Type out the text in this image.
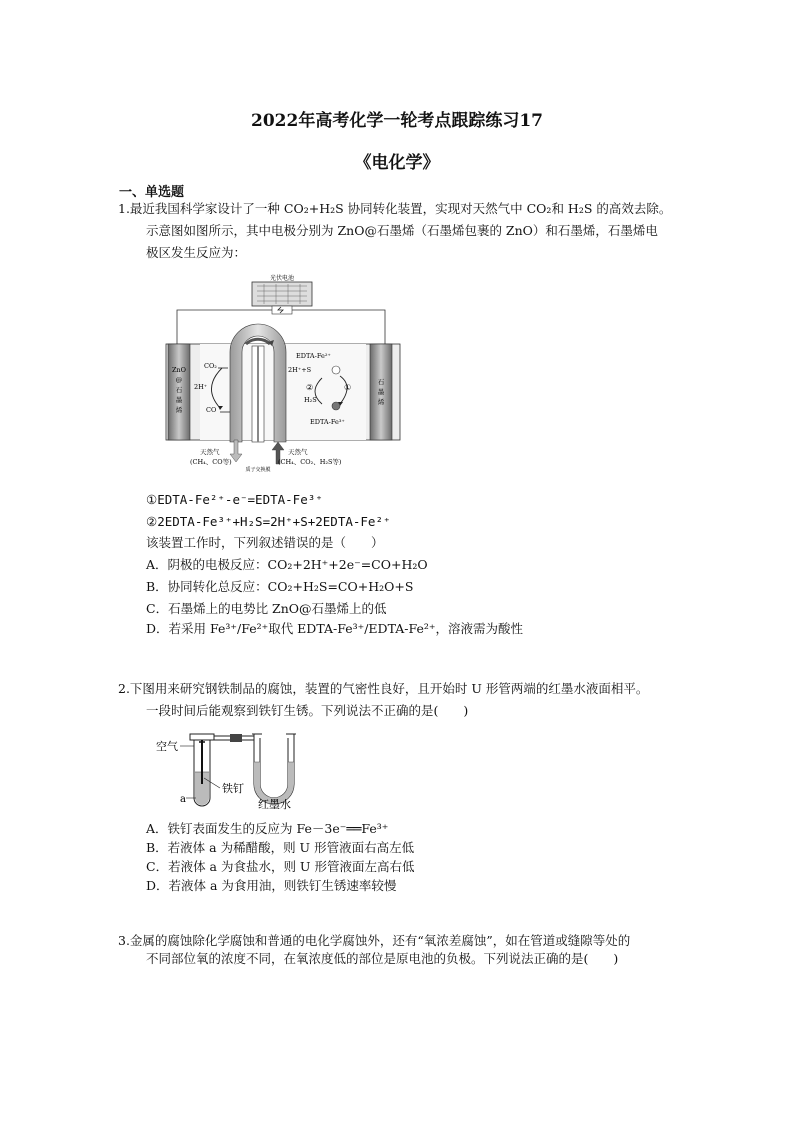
2022年高考化学一轮考点跟踪练习17
《电化学》
一、单选题
1.最近我国科学家设计了一种 CO₂+H₂S 协同转化装置，实现对天然气中 CO₂和 H₂S 的高效去除。
示意图如图所示，其中电极分别为 ZnO@石墨烯（石墨烯包裹的 ZnO）和石墨烯，石墨烯电
极区发生反应为：
光伏电池
ZnO
@
石
墨
烯
石
墨
烯
CO₂
2H⁺
CO
EDTA-Fe²⁺
2H⁺+S
②	①
H₂S
EDTA-Fe³⁺
天然气
(CH₄、CO等)
天然气
(CH₄、CO₂、H₂S等)
质子交换膜
①EDTA-Fe²⁺-e⁻=EDTA-Fe³⁺
②2EDTA-Fe³⁺+H₂S=2H⁺+S+2EDTA-Fe²⁺
该装置工作时，下列叙述错误的是（　　）
A．阴极的电极反应：CO₂+2H⁺+2e⁻=CO+H₂O
B．协同转化总反应：CO₂+H₂S=CO+H₂O+S
C．石墨烯上的电势比 ZnO@石墨烯上的低
D．若采用 Fe³⁺/Fe²⁺取代 EDTA-Fe³⁺/EDTA-Fe²⁺，溶液需为酸性
2.下图用来研究钢铁制品的腐蚀，装置的气密性良好，且开始时 U 形管两端的红墨水液面相平。
一段时间后能观察到铁钉生锈。下列说法不正确的是(　　)
空气
铁钉
a	红墨水
A．铁钉表面发生的反应为 Fe－3e⁻══Fe³⁺
B．若液体 a 为稀醋酸，则 U 形管液面右高左低
C．若液体 a 为食盐水，则 U 形管液面左高右低
D．若液体 a 为食用油，则铁钉生锈速率较慢
3.金属的腐蚀除化学腐蚀和普通的电化学腐蚀外，还有“氧浓差腐蚀”，如在管道或缝隙等处的
不同部位氧的浓度不同，在氧浓度低的部位是原电池的负极。下列说法正确的是(　　)
